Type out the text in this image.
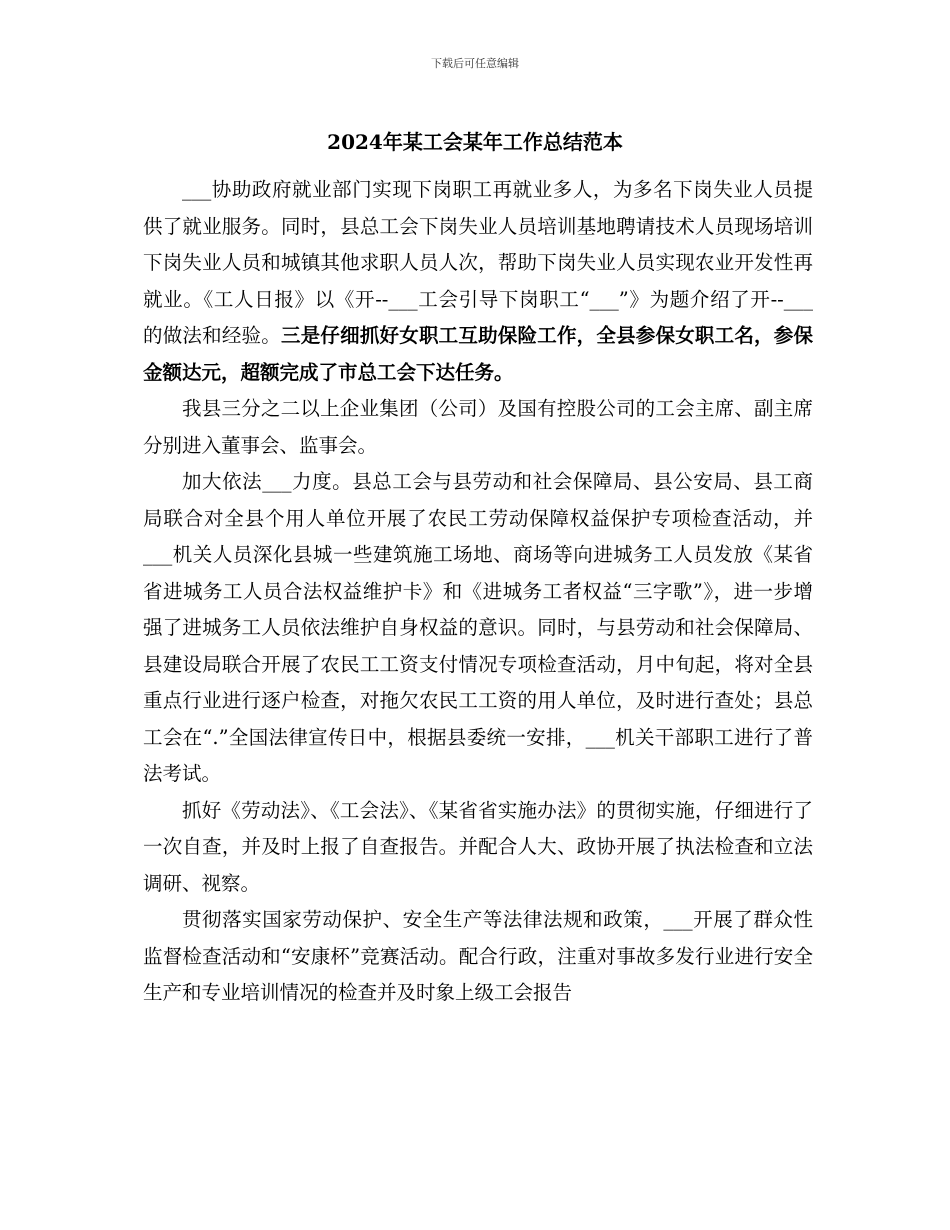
下载后可任意编辑
2024年某工会某年工作总结范本

___协助政府就业部门实现下岗职工再就业多人，为多名下岗失业人员提供了就业服务。同时，县总工会下岗失业人员培训基地聘请技术人员现场培训下岗失业人员和城镇其他求职人员人次，帮助下岗失业人员实现农业开发性再就业。《工人日报》以《开--___工会引导下岗职工“___”》为题介绍了开--___的做法和经验。三是仔细抓好女职工互助保险工作，全县参保女职工名，参保金额达元，超额完成了市总工会下达任务。

我县三分之二以上企业集团（公司）及国有控股公司的工会主席、副主席分别进入董事会、监事会。

加大依法___力度。县总工会与县劳动和社会保障局、县公安局、县工商局联合对全县个用人单位开展了农民工劳动保障权益保护专项检查活动，并___机关人员深化县城一些建筑施工场地、商场等向进城务工人员发放《某省省进城务工人员合法权益维护卡》和《进城务工者权益“三字歌”》，进一步增强了进城务工人员依法维护自身权益的意识。同时，与县劳动和社会保障局、县建设局联合开展了农民工工资支付情况专项检查活动，月中旬起，将对全县重点行业进行逐户检查，对拖欠农民工工资的用人单位，及时进行查处；县总工会在“.”全国法律宣传日中，根据县委统一安排，___机关干部职工进行了普法考试。

抓好《劳动法》、《工会法》、《某省省实施办法》的贯彻实施，仔细进行了一次自查，并及时上报了自查报告。并配合人大、政协开展了执法检查和立法调研、视察。

贯彻落实国家劳动保护、安全生产等法律法规和政策，___开展了群众性监督检查活动和“安康杯”竞赛活动。配合行政，注重对事故多发行业进行安全生产和专业培训情况的检查并及时象上级工会报告
